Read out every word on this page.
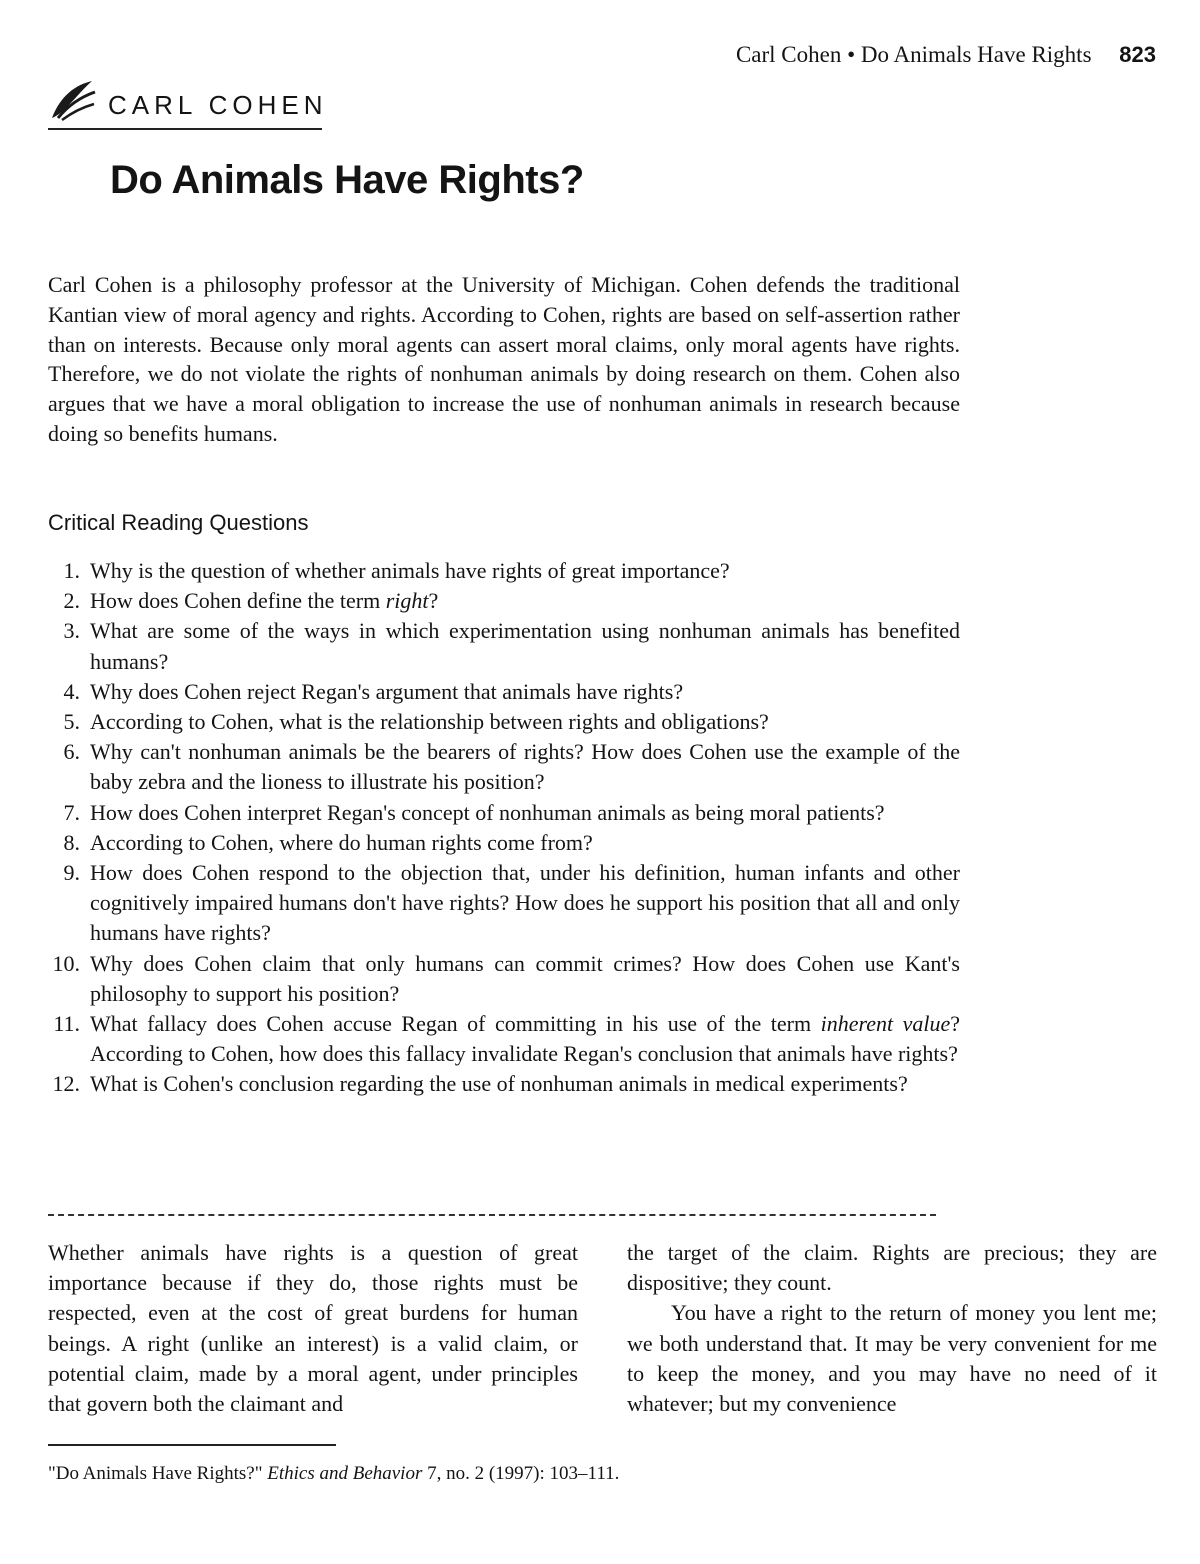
Carl Cohen • Do Animals Have Rights 823
CARL COHEN
Do Animals Have Rights?

Carl Cohen is a philosophy professor at the University of Michigan. Cohen defends the traditional Kantian view of moral agency and rights. According to Cohen, rights are based on self-assertion rather than on interests. Because only moral agents can assert moral claims, only moral agents have rights. Therefore, we do not violate the rights of nonhuman animals by doing research on them. Cohen also argues that we have a moral obligation to increase the use of nonhuman animals in research because doing so benefits humans.

Critical Reading Questions
1. Why is the question of whether animals have rights of great importance?
2. How does Cohen define the term right?
3. What are some of the ways in which experimentation using nonhuman animals has benefited humans?
4. Why does Cohen reject Regan's argument that animals have rights?
5. According to Cohen, what is the relationship between rights and obligations?
6. Why can't nonhuman animals be the bearers of rights? How does Cohen use the example of the baby zebra and the lioness to illustrate his position?
7. How does Cohen interpret Regan's concept of nonhuman animals as being moral patients?
8. According to Cohen, where do human rights come from?
9. How does Cohen respond to the objection that, under his definition, human infants and other cognitively impaired humans don't have rights? How does he support his position that all and only humans have rights?
10. Why does Cohen claim that only humans can commit crimes? How does Cohen use Kant's philosophy to support his position?
11. What fallacy does Cohen accuse Regan of committing in his use of the term inherent value? According to Cohen, how does this fallacy invalidate Regan's conclusion that animals have rights?
12. What is Cohen's conclusion regarding the use of nonhuman animals in medical experiments?

Whether animals have rights is a question of great importance because if they do, those rights must be respected, even at the cost of great burdens for human beings. A right (unlike an interest) is a valid claim, or potential claim, made by a moral agent, under principles that govern both the claimant and

the target of the claim. Rights are precious; they are dispositive; they count.

You have a right to the return of money you lent me; we both understand that. It may be very convenient for me to keep the money, and you may have no need of it whatever; but my convenience

"Do Animals Have Rights?" Ethics and Behavior 7, no. 2 (1997): 103–111.
